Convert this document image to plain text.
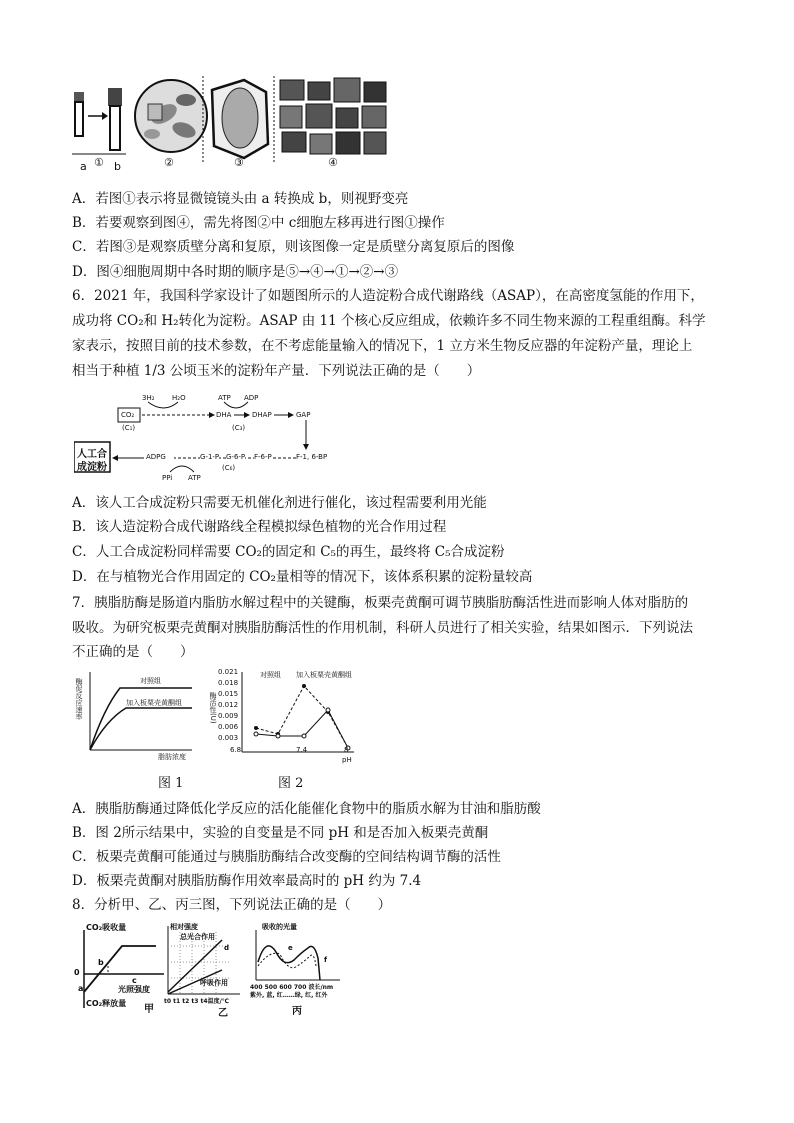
a ① b	②	③	④
A．若图①表示将显微镜镜头由 a 转换成 b，则视野变亮
B．若要观察到图④，需先将图②中 c细胞左移再进行图①操作
C．若图③是观察质壁分离和复原，则该图像一定是质壁分离复原后的图像
D．图④细胞周期中各时期的顺序是⑤→④→①→②→③
6．2021 年，我国科学家设计了如题图所示的人造淀粉合成代谢路线（ASAP），在高密度氢能的作用下，
成功将 CO₂和 H₂转化为淀粉。ASAP 由 11 个核心反应组成，依赖许多不同生物来源的工程重组酶。科学
家表示，按照目前的技术参数，在不考虑能量输入的情况下，1 立方米生物反应器的年淀粉产量，理论上
相当于种植 1/3 公顷玉米的淀粉年产量．下列说法正确的是（　　）
CO₂
(C₁)
3H₂ H₂O
DHA
(C₃)
ATP ADP
DHAP	GAP
F-1, 6-BP
F-6-P
G-6-P
G-1-P
(C₆)
ADPG
PPi ATP
人工合
成淀粉
A．该人工合成淀粉只需要无机催化剂进行催化，该过程需要利用光能
B．该人造淀粉合成代谢路线全程模拟绿色植物的光合作用过程
C．人工合成淀粉同样需要 CO₂的固定和 C₅的再生，最终将 C₅合成淀粉
D．在与植物光合作用固定的 CO₂量相等的情况下，该体系积累的淀粉量较高
7．胰脂肪酶是肠道内脂肪水解过程中的关键酶，板栗壳黄酮可调节胰脂肪酶活性进而影响人体对脂肪的
吸收。为研究板栗壳黄酮对胰脂肪酶活性的作用机制，科研人员进行了相关实验，结果如图示．下列说法
不正确的是（　　）
酶促反应速率	对照组
加入板栗壳黄酮组
脂肪浓度
图 1
酶活性(U)
0.021
0.018
0.015
0.012
0.009
0.006
0.003
6.8	7.4	8
pH
对照组 加入板栗壳黄酮组
图 2
A．胰脂肪酶通过降低化学反应的活化能催化食物中的脂质水解为甘油和脂肪酸
B．图 2所示结果中，实验的自变量是不同 pH 和是否加入板栗壳黄酮
C．板栗壳黄酮可能通过与胰脂肪酶结合改变酶的空间结构调节酶的活性
D．板栗壳黄酮对胰脂肪酶作用效率最高时的 pH 约为 7.4
8．分析甲、乙、丙三图，下列说法正确的是（　　）
CO₂吸收量
0
a
b
c
光照强度
CO₂释放量
甲
相对强度
总光合作用
呼吸作用
d
t0 t1 t2 t3 t4温度/℃
乙
吸收的光量
e
f
400 500 600 700 波长/nm
紫外, 蓝, 红……绿, 红, 红外
丙
